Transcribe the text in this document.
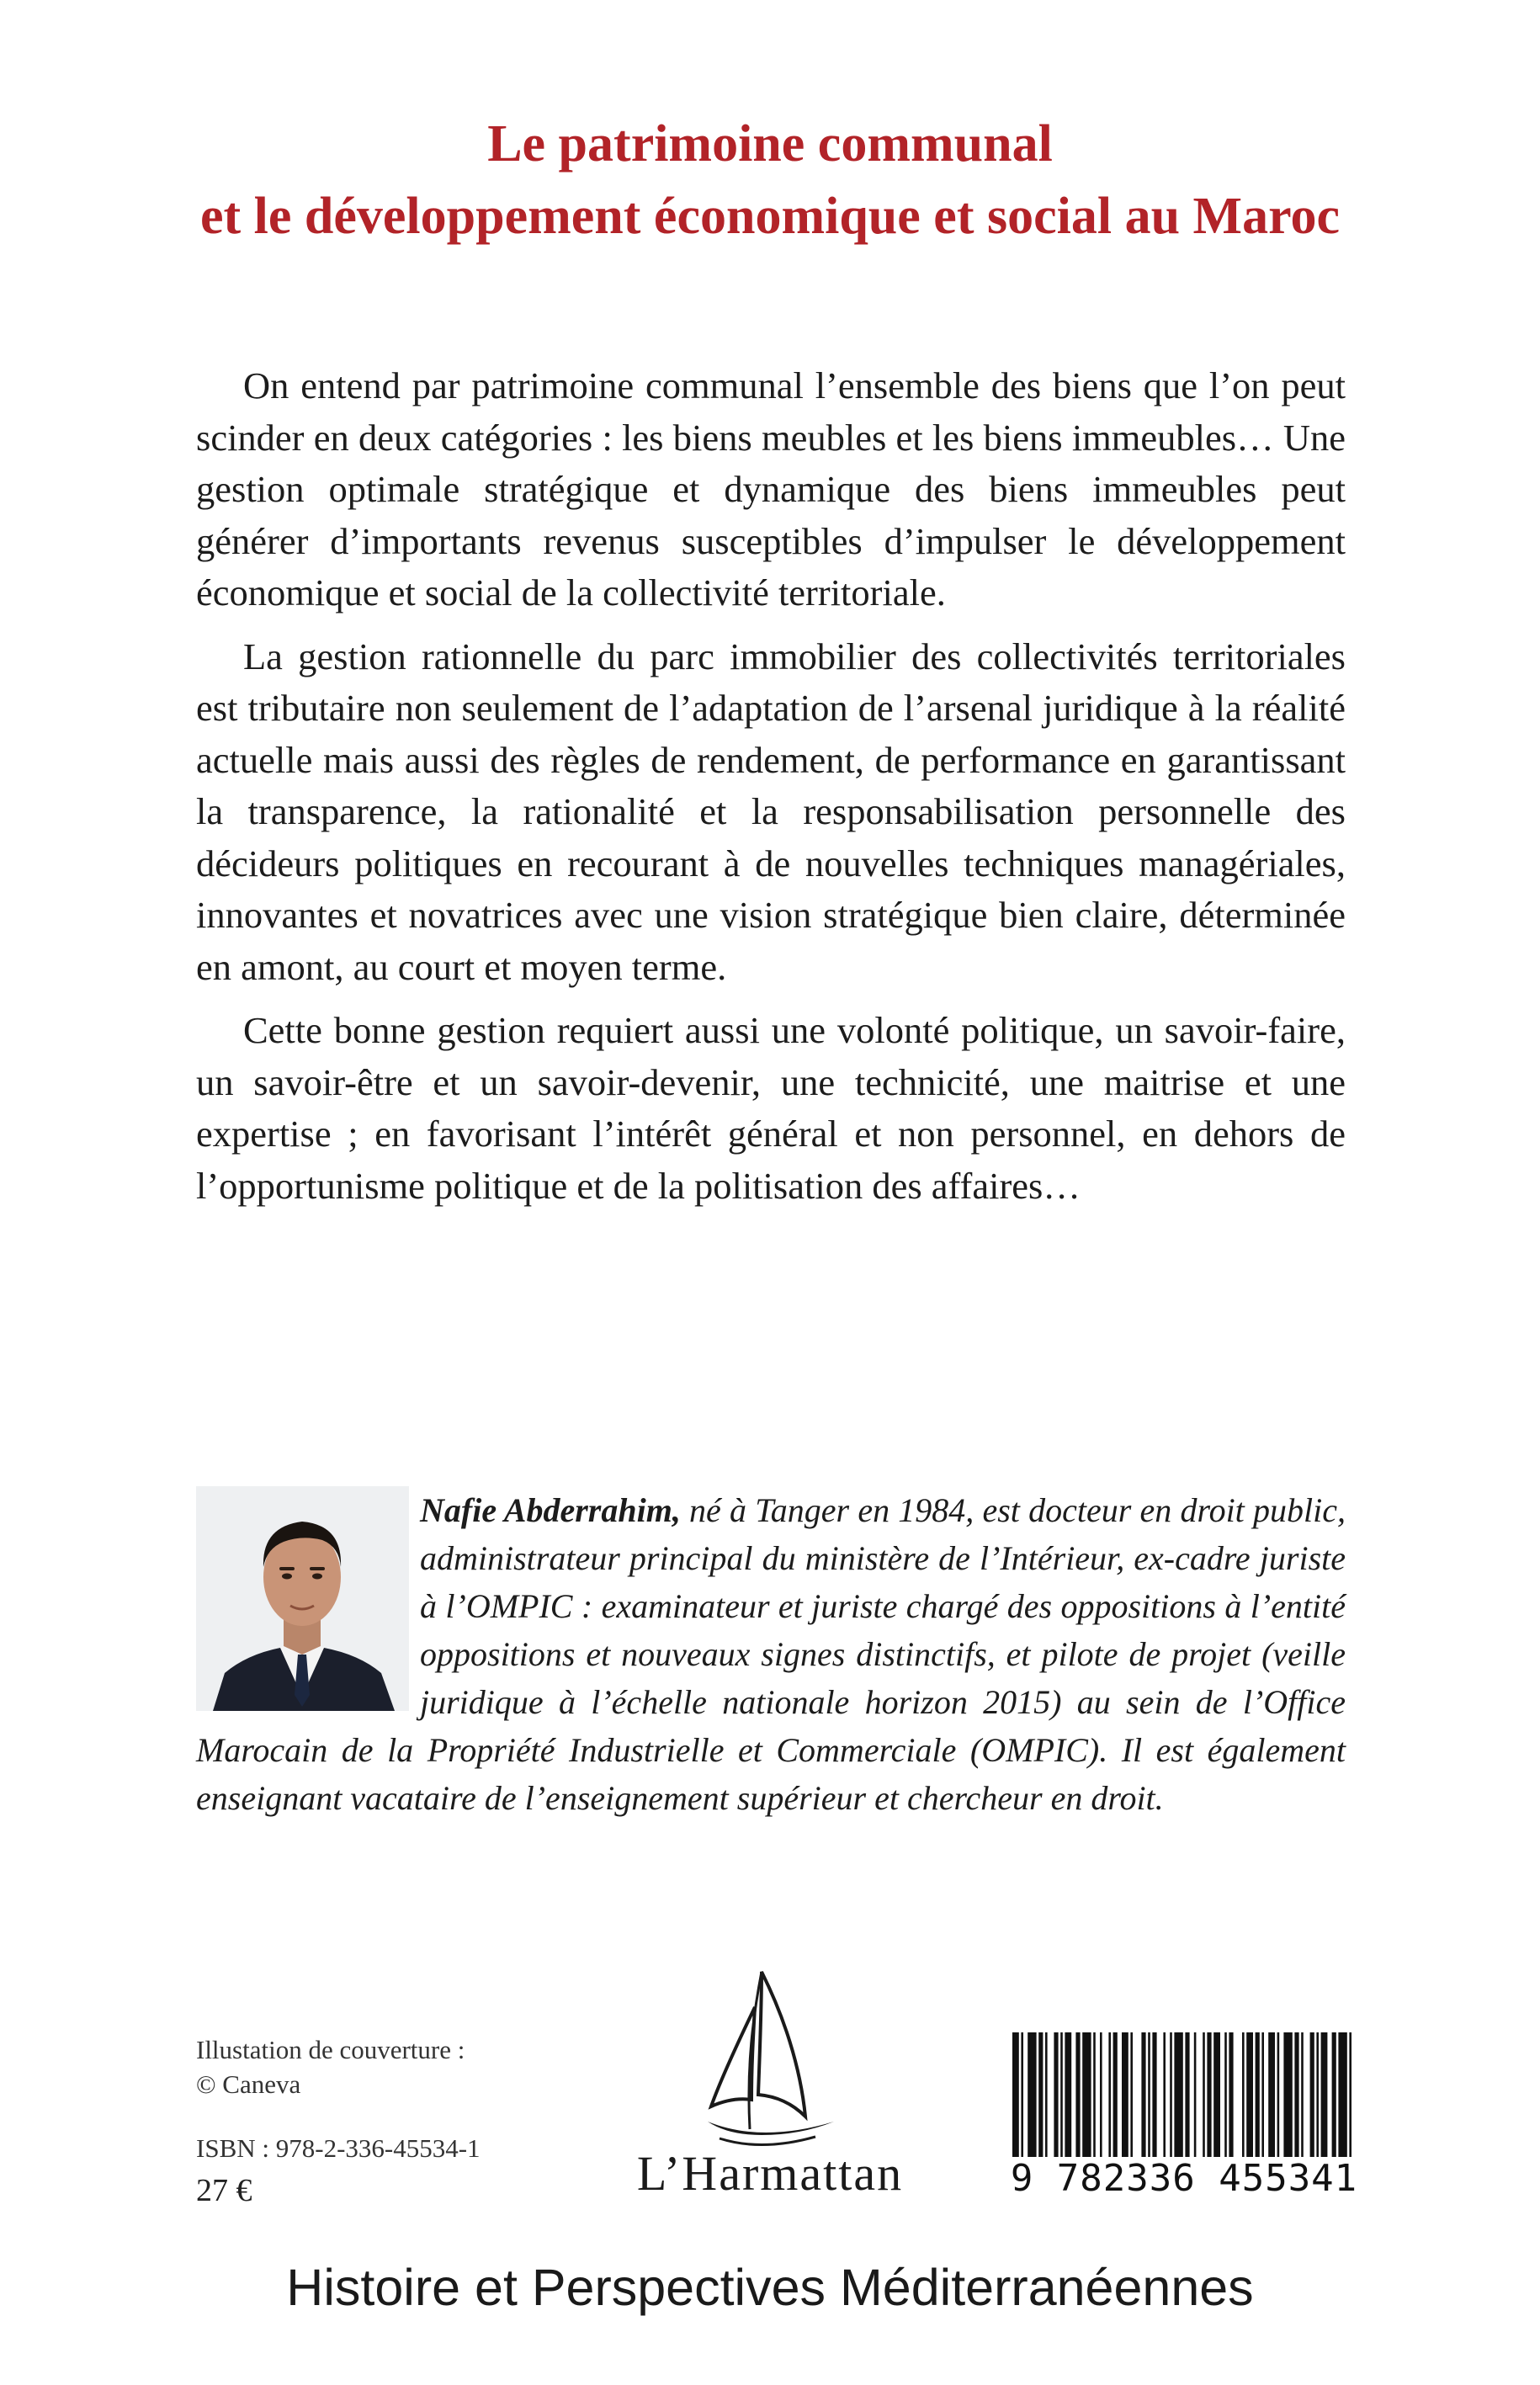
Le patrimoine communal
et le développement économique et social au Maroc

On entend par patrimoine communal l’ensemble des biens que l’on peut scinder en deux catégories : les biens meubles et les biens immeubles… Une gestion optimale stratégique et dynamique des biens immeubles peut générer d’importants revenus susceptibles d’impulser le développement économique et social de la collectivité territoriale.

La gestion rationnelle du parc immobilier des collectivités territoriales est tributaire non seulement de l’adaptation de l’arsenal juridique à la réalité actuelle mais aussi des règles de rendement, de performance en garantissant la transparence, la rationalité et la responsabilisation personnelle des décideurs politiques en recourant à de nouvelles techniques managériales, innovantes et novatrices avec une vision stratégique bien claire, déterminée en amont, au court et moyen terme.

Cette bonne gestion requiert aussi une volonté politique, un savoir-faire, un savoir-être et un savoir-devenir, une technicité, une maitrise et une expertise ; en favorisant l’intérêt général et non personnel, en dehors de l’opportunisme politique et de la politisation des affaires…

Nafie Abderrahim, né à Tanger en 1984, est docteur en droit public, administrateur principal du ministère de l’Intérieur, ex-cadre juriste à l’OMPIC : examinateur et juriste chargé des oppositions à l’entité oppositions et nouveaux signes distinctifs, et pilote de projet (veille juridique à l’échelle nationale horizon 2015) au sein de l’Office Marocain de la Propriété Industrielle et Commerciale (OMPIC). Il est également enseignant vacataire de l’enseignement supérieur et chercheur en droit.
Illustation de couverture :
© Caneva
ISBN : 978-2-336-45534-1
27 €	L’Harmattan	9 782336 455341
Histoire et Perspectives Méditerranéennes
